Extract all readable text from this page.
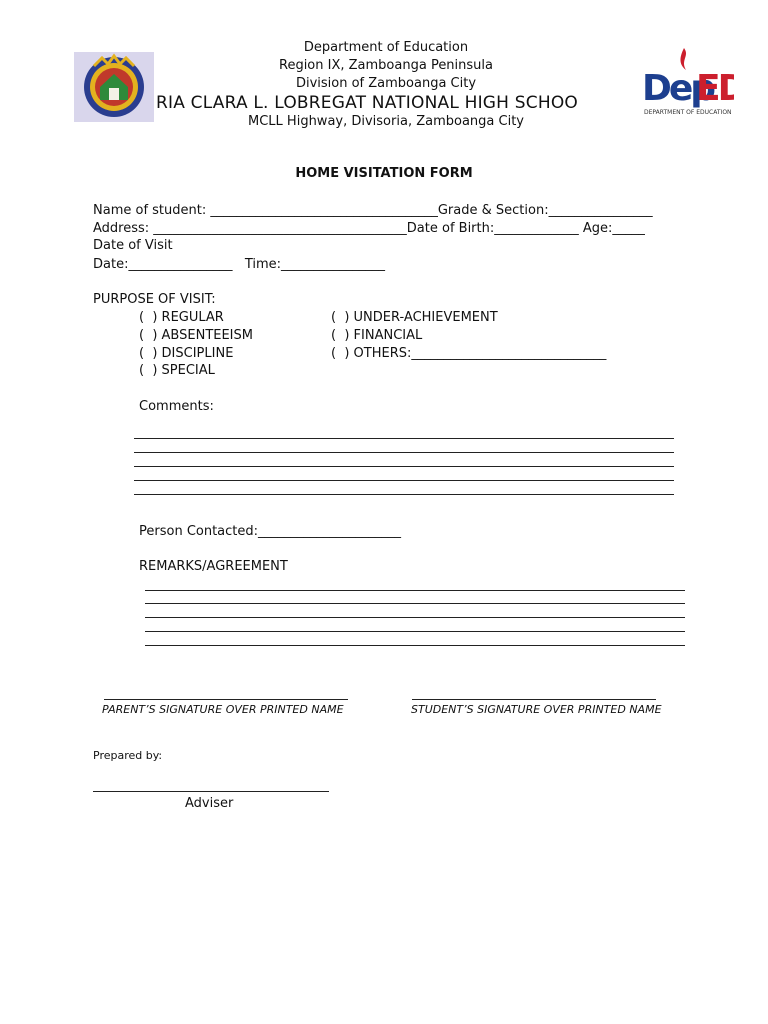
Dep
ED
DEPARTMENT OF EDUCATION
Department of Education
Region IX, Zamboanga Peninsula
Division of Zamboanga City
RIA CLARA L. LOBREGAT NATIONAL HIGH SCHOO
MCLL Highway, Divisoria, Zamboanga City
HOME VISITATION FORM
Name of student: ___________________________________Grade & Section:________________
Address: _______________________________________Date of Birth:_____________ Age:_____
Date of Visit
Date:________________   Time:________________
PURPOSE OF VISIT:
(  ) REGULAR
(  ) ABSENTEEISM
(  ) DISCIPLINE
(  ) SPECIAL
(  ) UNDER-ACHIEVEMENT
(  ) FINANCIAL
(  ) OTHERS:______________________________
Comments:
Person Contacted:______________________
REMARKS/AGREEMENT
PARENT’S SIGNATURE OVER PRINTED NAME	STUDENT’S SIGNATURE OVER PRINTED NAME
Prepared by:
Adviser
